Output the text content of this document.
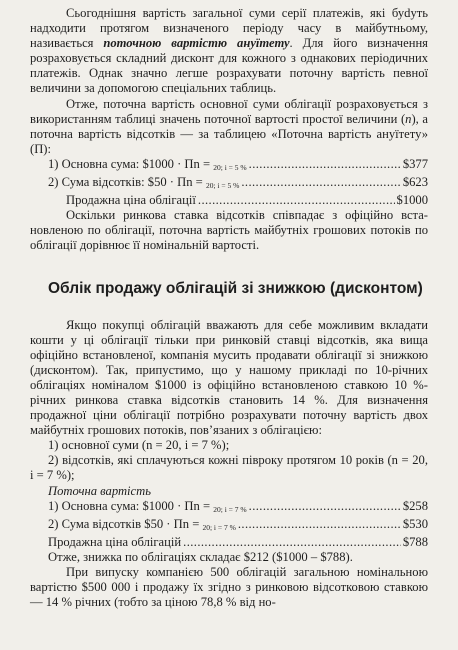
Сьогоднішня вартість загальної суми серії платежів, які буdуть надходити протягом визначеного періоду часу в майбутньому, називається поточною вартістю ануїтету. Для його визначення розраховується складний дисконт для кожного з однакових періодичних платежів. Однак значно легше розрахувати поточну вартість певної величини за допомогою спеціальних таблиць.

Отже, поточна вартість основної суми облігації розраховується з використанням таблиці значень поточної вартості простої величини (n), а поточна вартість відсотків — за таблицею «Поточна вартість ануїтету» (П):

1) Основна сума: $1000 · Пn = $_{20; i = 5 \%}$ .....	$377
2) Сума відсотків: $50 · Пn = $_{20; i = 5 \%}$ .....	$623
Продажна ціна облігації .....	$1000

Оскільки ринкова ставка відсотків співпадає з офіційно встановленою по облігації, поточна вартість майбутніх грошових потоків по облігації дорівнює її номінальній вартості.

Облік продажу облігацій зі знижкою (дисконтом)

Якщо покупці облігацій вважають для себе можливим вкладати кошти у ці облігації тільки при ринковій ставці відсотків, яка вища офіційно встановленої, компанія мусить продавати облігації зі знижкою (дисконтом). Так, припустимо, що у нашому прикладі по 10-річних облігаціях номіналом $1000 із офіційно встановленою ставкою 10 %-річних ринкова ставка відсотків становить 14 %. Для визначення продажної ціни облігації потрібно розрахувати поточну вартість двох майбутніх грошових потоків, пов’язаних з облігацією:

1) основної суми (n = 20, i = 7 %);

2) відсотків, які сплачуються кожні півроку протягом 10 років (n = 20, i = 7 %);

Поточна вартість

1) Основна сума: $1000 · Пn = $_{20; i = 7 \%}$ .....	$258
2) Сума відсотків $50 · Пn = $_{20; i = 7 \%}$ .....	$530
Продажна ціна облігацій .....	$788

Отже, знижка по облігаціях складає $212 ($1000 – $788).

При випуску компанією 500 облігацій загальною номінальною вартістю $500 000 і продажу їх згідно з ринковою відсотковою ставкою — 14 % річних (тобто за ціною 78,8 % від но-
